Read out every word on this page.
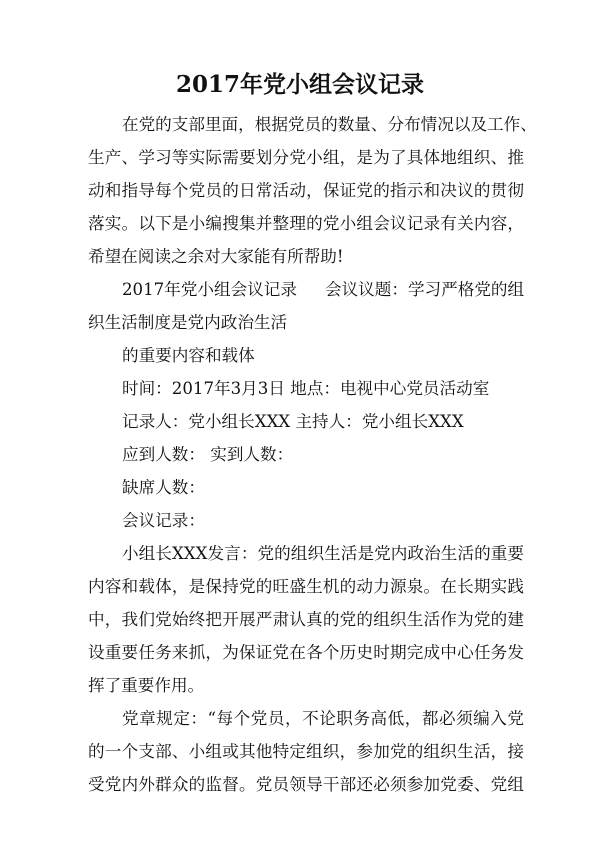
2017年党小组会议记录
在党的支部里面，根据党员的数量、分布情况以及工作、
生产、学习等实际需要划分党小组，是为了具体地组织、推
动和指导每个党员的日常活动，保证党的指示和决议的贯彻
落实。以下是小编搜集并整理的党小组会议记录有关内容，
希望在阅读之余对大家能有所帮助!
2017年党小组会议记录 会议议题：学习严格党的组
织生活制度是党内政治生活
的重要内容和载体
时间：2017年3月3日 地点：电视中心党员活动室
记录人：党小组长XXX 主持人：党小组长XXX
应到人数： 实到人数：
缺席人数：
会议记录：
小组长XXX发言：党的组织生活是党内政治生活的重要
内容和载体，是保持党的旺盛生机的动力源泉。在长期实践
中，我们党始终把开展严肃认真的党的组织生活作为党的建
设重要任务来抓，为保证党在各个历史时期完成中心任务发
挥了重要作用。
党章规定：“每个党员，不论职务高低，都必须编入党
的一个支部、小组或其他特定组织，参加党的组织生活，接
受党内外群众的监督。党员领导干部还必须参加党委、党组
